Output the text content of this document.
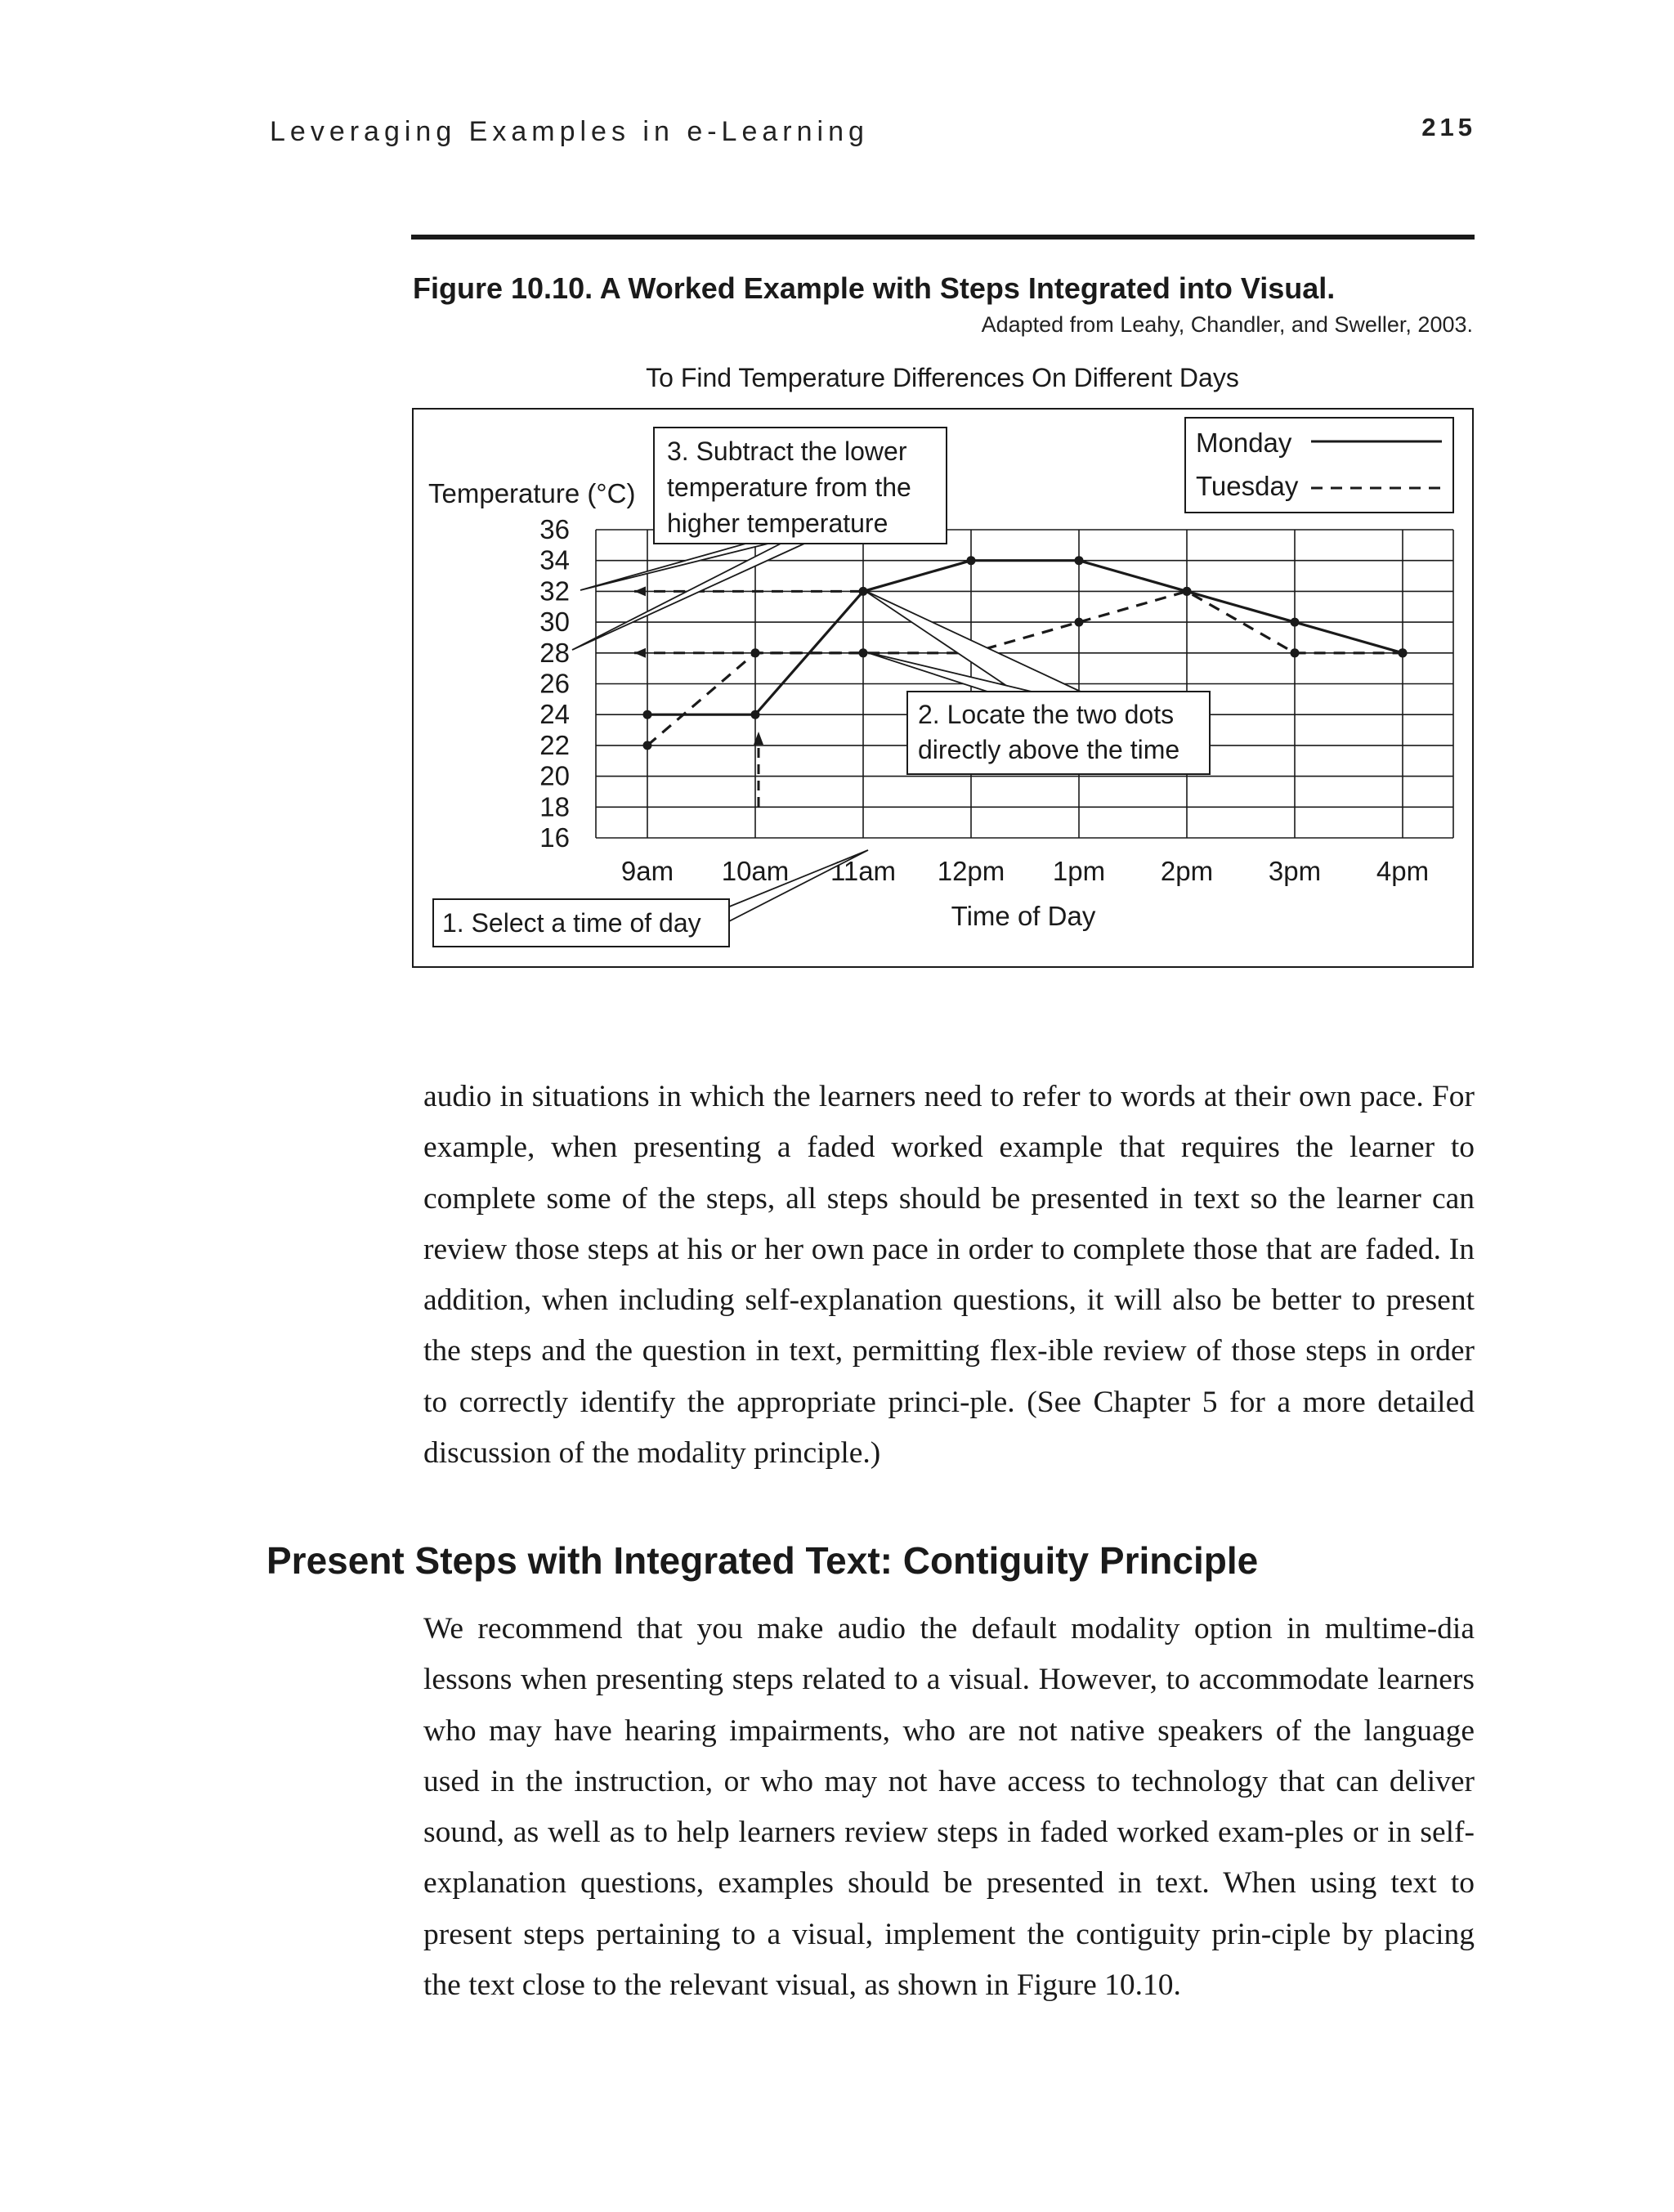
Leveraging Examples in e-Learning	215
Figure 10.10. A Worked Example with Steps Integrated into Visual.
Adapted from Leahy, Chandler, and Sweller, 2003.
To Find Temperature Differences On Different Days
36
34
32
30
28
26
24
22
20
18
16
9am 10am 11am 12pm 1pm 2pm 3pm 4pm
Temperature (°C)
Time of Day
3. Subtract the lower
temperature from the
higher temperature
2. Locate the two dots
directly above the time
1. Select a time of day
Monday
Tuesday

audio in situations in which the learners need to refer to words at their own pace. For example, when presenting a faded worked example that requires the learner to complete some of the steps, all steps should be presented in text so the learner can review those steps at his or her own pace in order to complete those that are faded. In addition, when including self-explanation questions, it will also be better to present the steps and the question in text, permitting flex-ible review of those steps in order to correctly identify the appropriate princi-ple. (See Chapter 5 for a more detailed discussion of the modality principle.)

Present Steps with Integrated Text: Contiguity Principle

We recommend that you make audio the default modality option in multime-dia lessons when presenting steps related to a visual. However, to accommodate learners who may have hearing impairments, who are not native speakers of the language used in the instruction, or who may not have access to technology that can deliver sound, as well as to help learners review steps in faded worked exam-ples or in self-explanation questions, examples should be presented in text. When using text to present steps pertaining to a visual, implement the contiguity prin-ciple by placing the text close to the relevant visual, as shown in Figure 10.10.
